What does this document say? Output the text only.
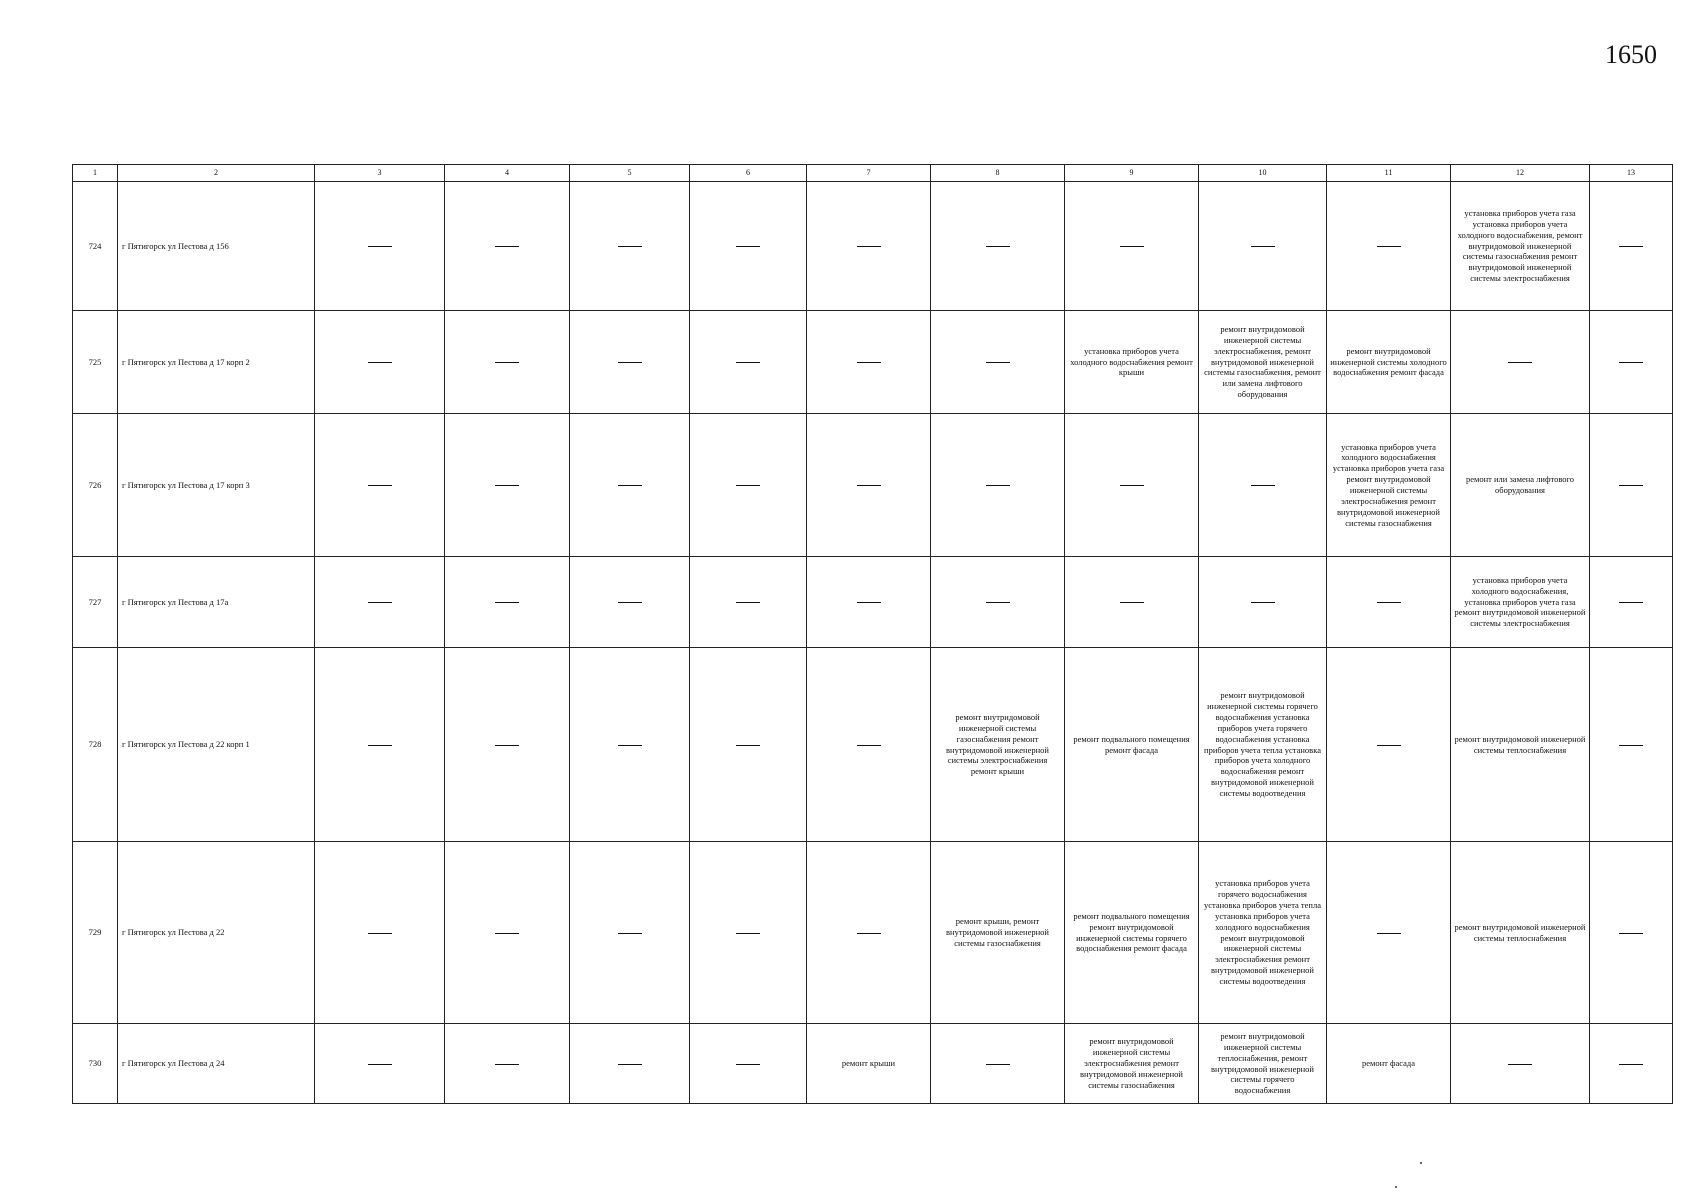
1650
1	2	3	4	5	6	7	8	9	10	11	12	13
724	г Пятигорск ул Пестова д 156										установка приборов учета газа установка приборов учета холодного водоснабжения, ремонт внутридомовой инженерной системы газоснабжения ремонт внутридомовой инженерной системы электроснабжения	
725	г Пятигорск ул Пестова д 17 корп 2							установка приборов учета холодного водоснабжения ремонт крыши	ремонт внутридомовой инженерной системы электроснабжения, ремонт внутридомовой инженерной системы газоснабжения, ремонт или замена лифтового оборудования	ремонт внутридомовой инженерной системы холодного водоснабжения ремонт фасада		
726	г Пятигорск ул Пестова д 17 корп 3									установка приборов учета холодного водоснабжения установка приборов учета газа ремонт внутридомовой инженерной системы электроснабжения ремонт внутридомовой инженерной системы газоснабжения	ремонт или замена лифтового оборудования	
727	г Пятигорск ул Пестова д 17а										установка приборов учета холодного водоснабжения, установка приборов учета газа ремонт внутридомовой инженерной системы электроснабжения	
728	г Пятигорск ул Пестова д 22 корп 1						ремонт внутридомовой инженерной системы газоснабжения ремонт внутридомовой инженерной системы электроснабжения ремонт крыши	ремонт подвального помещения ремонт фасада	ремонт внутридомовой инженерной системы горячего водоснабжения установка приборов учета горячего водоснабжения установка приборов учета тепла установка приборов учета холодного водоснабжения ремонт внутридомовой инженерной системы водоотведения		ремонт внутридомовой инженерной системы теплоснабжения	
729	г Пятигорск ул Пестова д 22						ремонт крыши, ремонт внутридомовой инженерной системы газоснабжения	ремонт подвального помещения ремонт внутридомовой инженерной системы горячего водоснабжения ремонт фасада	установка приборов учета горячего водоснабжения установка приборов учета тепла установка приборов учета холодного водоснабжения ремонт внутридомовой инженерной системы электроснабжения ремонт внутридомовой инженерной системы водоотведения		ремонт внутридомовой инженерной системы теплоснабжения	
730	г Пятигорск ул Пестова д 24					ремонт крыши		ремонт внутридомовой инженерной системы электроснабжения ремонт внутридомовой инженерной системы газоснабжения	ремонт внутридомовой инженерной системы теплоснабжения, ремонт внутридомовой инженерной системы горячего водоснабжения	ремонт фасада		
